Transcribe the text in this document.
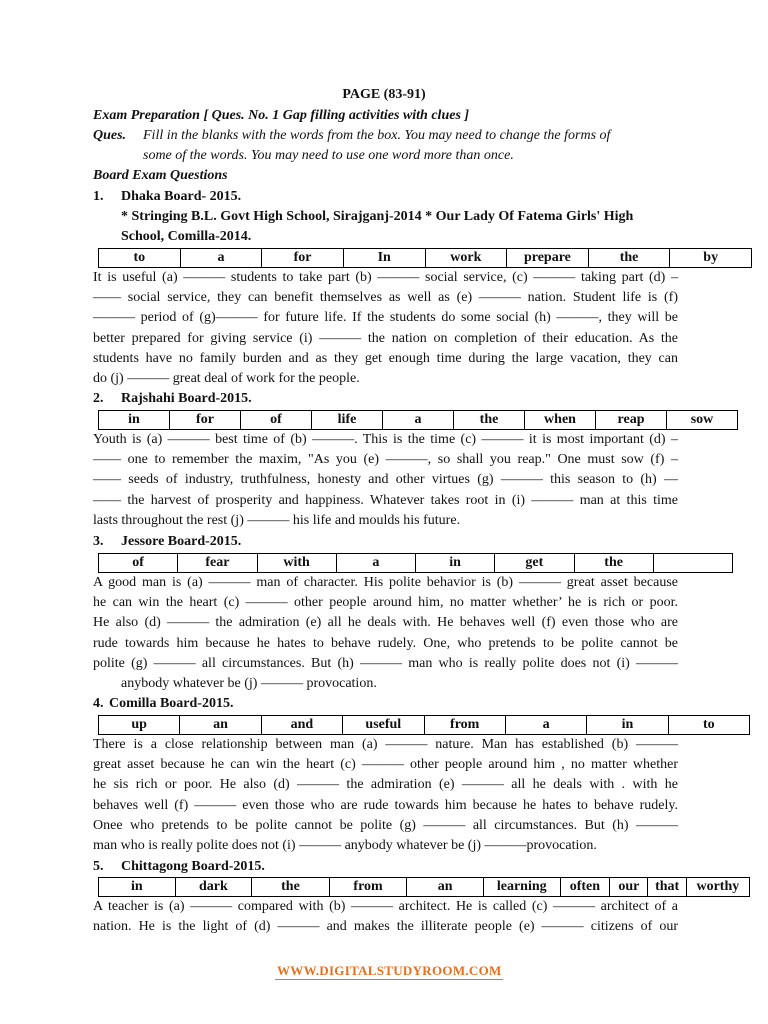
PAGE (83-91)
Exam Preparation [ Ques. No. 1 Gap filling activities with clues ]
Ques. Fill in the blanks with the words from the box. You may need to change the forms of
some of the words. You may need to use one word more than once.
Board Exam Questions
1. Dhaka Board- 2015.
* Stringing B.L. Govt High School, Sirajganj-2014 * Our Lady Of Fatema Girls' High
School, Comilla-2014.
to	a	for	In	work	prepare	the	by
It is useful (a) ——— students to take part (b) ——— social service, (c) ——— taking part (d) –
—— social service, they can benefit themselves as well as (e) ——— nation. Student life is (f)
——— period of (g)——— for future life. If the students do some social (h) ———, they will be
better prepared for giving service (i) ——— the nation on completion of their education. As the
students have no family burden and as they get enough time during the large vacation, they can
do (j) ——— great deal of work for the people.
2. Rajshahi Board-2015.
in	for	of	life	a	the	when	reap	sow
Youth is (a) ——— best time of (b) ———. This is the time (c) ——— it is most important (d) –
—— one to remember the maxim, "As you (e) ———, so shall you reap." One must sow (f) –
—— seeds of industry, truthfulness, honesty and other virtues (g) ——— this season to (h) —
—— the harvest of prosperity and happiness. Whatever takes root in (i) ——— man at this time
lasts throughout the rest (j) ——— his life and moulds his future.
3. Jessore Board-2015.
of	fear	with	a	in	get	the	
A good man is (a) ——— man of character. His polite behavior is (b) ——— great asset because
he can win the heart (c) ——— other people around him, no matter whether’ he is rich or poor.
He also (d) ——— the admiration (e) all he deals with. He behaves well (f) even those who are
rude towards him because he hates to behave rudely. One, who pretends to be polite cannot be
polite (g) ——— all circumstances. But (h) ——— man who is really polite does not (i) ———
anybody whatever be (j) ——— provocation.
4. Comilla Board-2015.
up	an	and	useful	from	a	in	to
There is a close relationship between man (a) ——— nature. Man has established (b) ———
great asset because he can win the heart (c) ——— other people around him , no matter whether
he sis rich or poor. He also (d) ——— the admiration (e) ——— all he deals with . with he
behaves well (f) ——— even those who are rude towards him because he hates to behave rudely.
Onee who pretends to be polite cannot be polite (g) ——— all circumstances. But (h) ———
man who is really polite does not (i) ——— anybody whatever be (j) ———provocation.
5. Chittagong Board-2015.
in	dark	the	from	an	learning	often	our	that	worthy
A teacher is (a) ——— compared with (b) ——— architect. He is called (c) ——— architect of a
nation. He is the light of (d) ——— and makes the illiterate people (e) ——— citizens of our
WWW.DIGITALSTUDYROOM.COM
